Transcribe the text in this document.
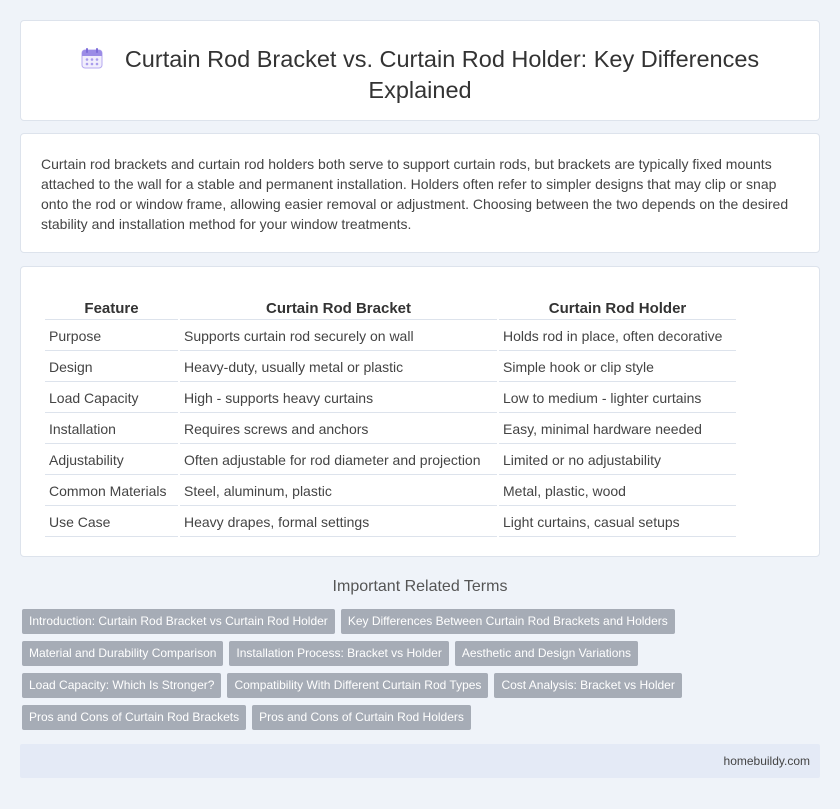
Curtain Rod Bracket vs. Curtain Rod Holder: Key Differences
Explained

Curtain rod brackets and curtain rod holders both serve to support curtain rods, but brackets are typically fixed mounts attached to the wall for a stable and permanent installation. Holders often refer to simpler designs that may clip or snap onto the rod or window frame, allowing easier removal or adjustment. Choosing between the two depends on the desired stability and installation method for your window treatments.

Feature	Curtain Rod Bracket	Curtain Rod Holder
Purpose	Supports curtain rod securely on wall	Holds rod in place, often decorative
Design	Heavy-duty, usually metal or plastic	Simple hook or clip style
Load Capacity	High - supports heavy curtains	Low to medium - lighter curtains
Installation	Requires screws and anchors	Easy, minimal hardware needed
Adjustability	Often adjustable for rod diameter and projection	Limited or no adjustability
Common Materials	Steel, aluminum, plastic	Metal, plastic, wood
Use Case	Heavy drapes, formal settings	Light curtains, casual setups
Important Related Terms
Introduction: Curtain Rod Bracket vs Curtain Rod Holder Key Differences Between Curtain Rod Brackets and Holders
Material and Durability Comparison Installation Process: Bracket vs Holder Aesthetic and Design Variations
Load Capacity: Which Is Stronger? Compatibility With Different Curtain Rod Types Cost Analysis: Bracket vs Holder
Pros and Cons of Curtain Rod Brackets Pros and Cons of Curtain Rod Holders
homebuildy.com
